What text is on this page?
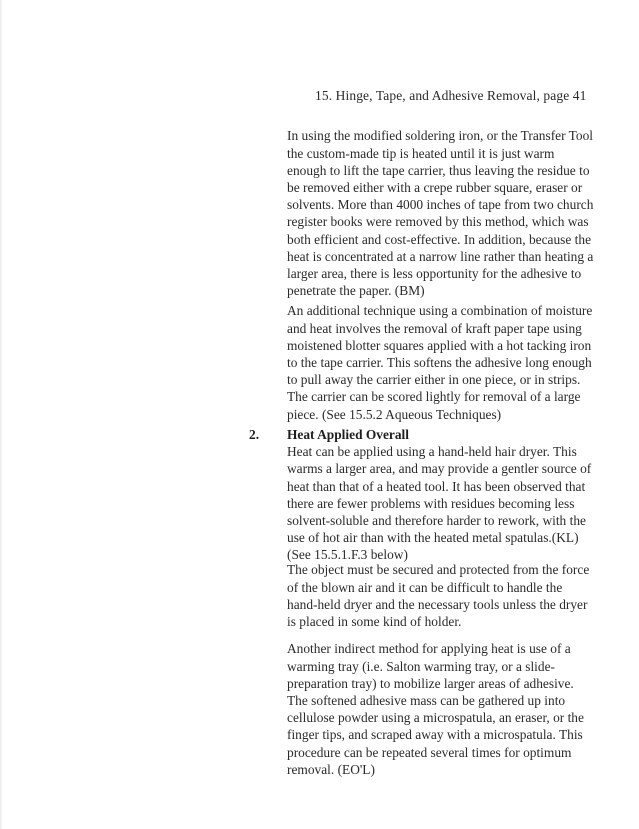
15. Hinge, Tape, and Adhesive Removal, page 41

In using the modified soldering iron, or the Transfer Tool the custom-made tip is heated until it is just warm enough to lift the tape carrier, thus leaving the residue to be removed either with a crepe rubber square, eraser or solvents. More than 4000 inches of tape from two church register books were removed by this method, which was both efficient and cost-effective. In addition, because the heat is concentrated at a narrow line rather than heating a larger area, there is less opportunity for the adhesive to penetrate the paper. (BM)

An additional technique using a combination of moisture and heat involves the removal of kraft paper tape using moistened blotter squares applied with a hot tacking iron to the tape carrier. This softens the adhesive long enough to pull away the carrier either in one piece, or in strips. The carrier can be scored lightly for removal of a large piece. (See 15.5.2 Aqueous Techniques)

2. Heat Applied Overall
Heat can be applied using a hand-held hair dryer. This warms a larger area, and may provide a gentler source of heat than that of a heated tool. It has been observed that there are fewer problems with residues becoming less solvent-soluble and therefore harder to rework, with the use of hot air than with the heated metal spatulas.(KL) (See 15.5.1.F.3 below)

The object must be secured and protected from the force of the blown air and it can be difficult to handle the hand-held dryer and the necessary tools unless the dryer is placed in some kind of holder.

Another indirect method for applying heat is use of a warming tray (i.e. Salton warming tray, or a slide-preparation tray) to mobilize larger areas of adhesive. The softened adhesive mass can be gathered up into cellulose powder using a microspatula, an eraser, or the finger tips, and scraped away with a microspatula. This procedure can be repeated several times for optimum removal. (EO'L)
